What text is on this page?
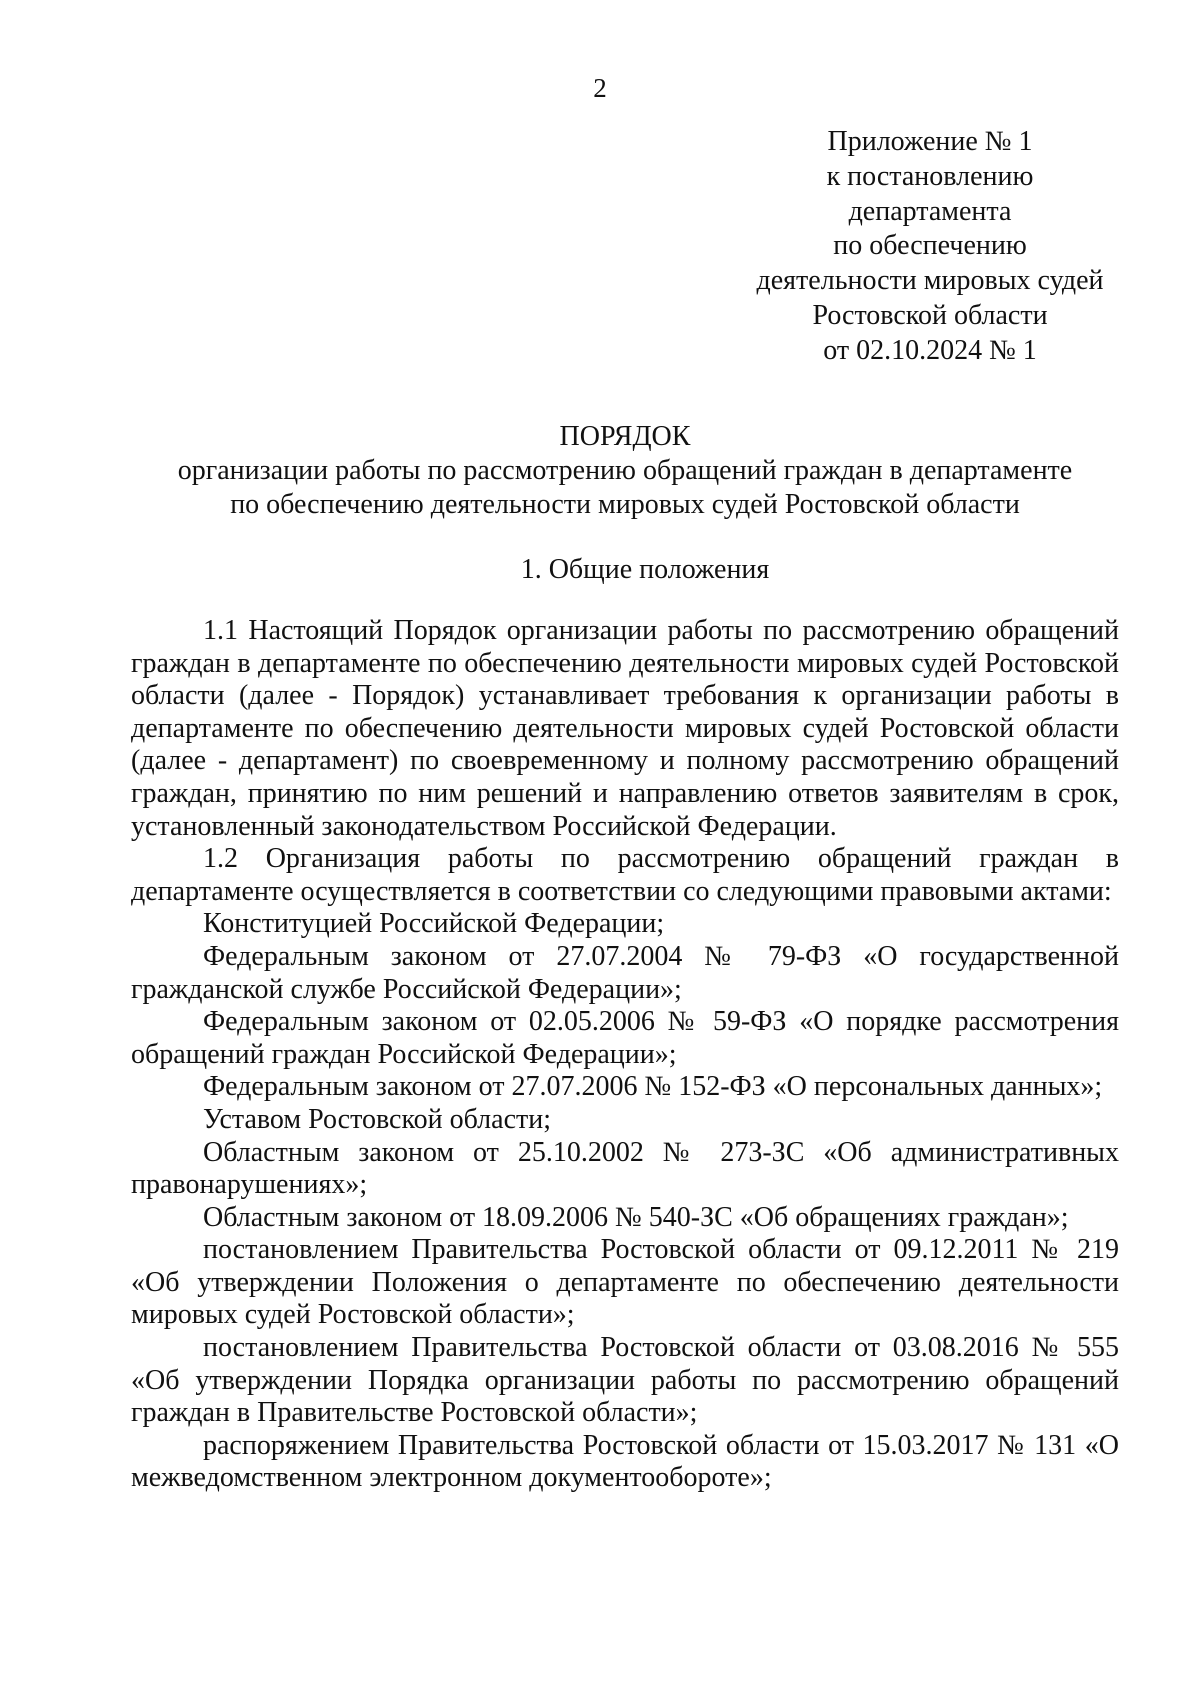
2
Приложение № 1
к постановлению
департамента
по обеспечению
деятельности мировых судей
Ростовской области
от 02.10.2024 № 1
ПОРЯДОК
организации работы по рассмотрению обращений граждан в департаменте
по обеспечению деятельности мировых судей Ростовской области
1. Общие положения

1.1 Настоящий Порядок организации работы по рассмотрению обращений граждан в департаменте по обеспечению деятельности мировых судей Ростовской области (далее - Порядок) устанавливает требования к организации работы в департаменте по обеспечению деятельности мировых судей Ростовской области (далее - департамент) по своевременному и полному рассмотрению обращений граждан, принятию по ним решений и направлению ответов заявителям в срок, установленный законодательством Российской Федерации.

1.2 Организация работы по рассмотрению обращений граждан в департаменте осуществляется в соответствии со следующими правовыми актами:

Конституцией Российской Федерации;

Федеральным законом от 27.07.2004 № 79-ФЗ «О государственной гражданской службе Российской Федерации»;

Федеральным законом от 02.05.2006 № 59-ФЗ «О порядке рассмотрения обращений граждан Российской Федерации»;

Федеральным законом от 27.07.2006 № 152-ФЗ «О персональных данных»;

Уставом Ростовской области;

Областным законом от 25.10.2002 № 273-ЗС «Об административных правонарушениях»;

Областным законом от 18.09.2006 № 540-ЗС «Об обращениях граждан»;

постановлением Правительства Ростовской области от 09.12.2011 № 219 «Об утверждении Положения о департаменте по обеспечению деятельности мировых судей Ростовской области»;

постановлением Правительства Ростовской области от 03.08.2016 № 555 «Об утверждении Порядка организации работы по рассмотрению обращений граждан в Правительстве Ростовской области»;

распоряжением Правительства Ростовской области от 15.03.2017 № 131 «О межведомственном электронном документообороте»;
